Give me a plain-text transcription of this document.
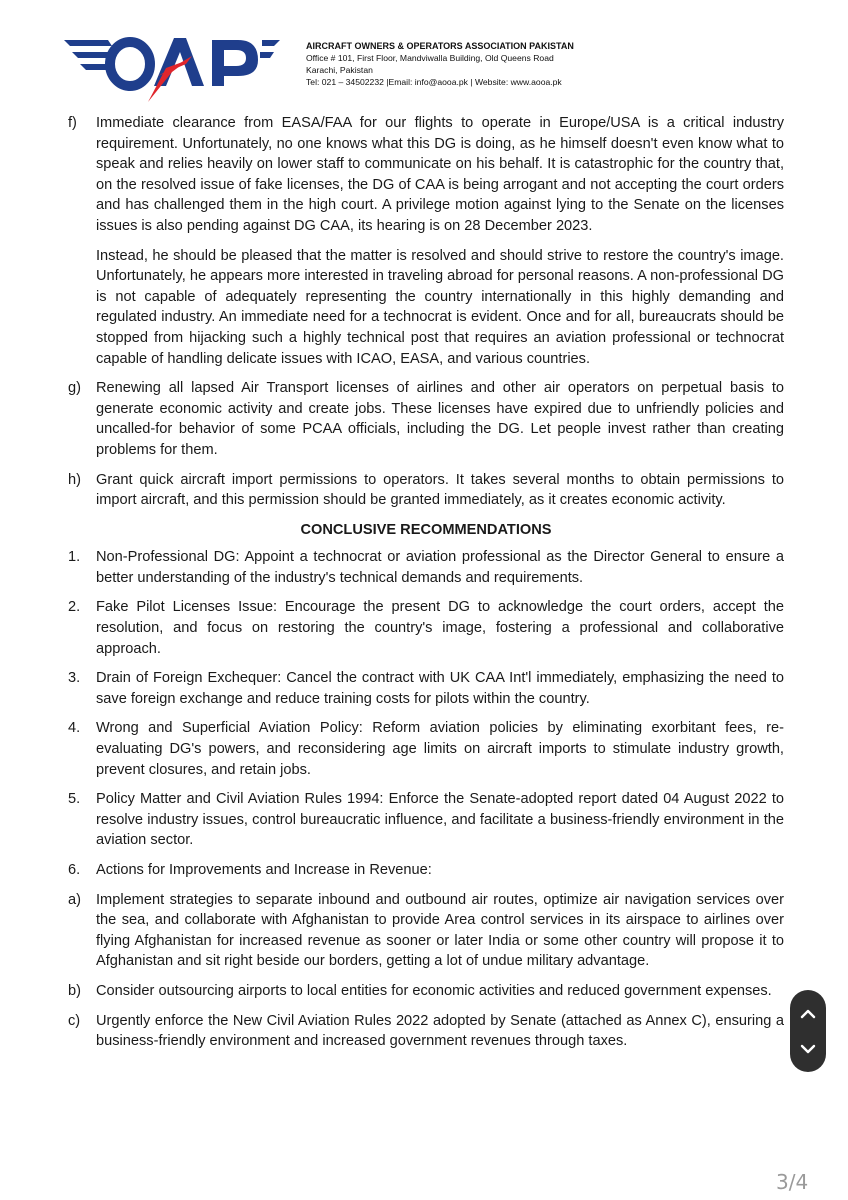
AIRCRAFT OWNERS & OPERATORS ASSOCIATION PAKISTAN
Office # 101, First Floor, Mandviwalla Building, Old Queens Road
Karachi, Pakistan
Tel: 021 – 34502232 |Email: info@aooa.pk | Website: www.aooa.pk
f)	Immediate clearance from EASA/FAA for our flights to operate in Europe/USA is a critical industry requirement. Unfortunately, no one knows what this DG is doing, as he himself doesn't even know what to speak and relies heavily on lower staff to communicate on his behalf. It is catastrophic for the country that, on the resolved issue of fake licenses, the DG of CAA is being arrogant and not accepting the court orders and has challenged them in the high court. A privilege motion against lying to the Senate on the licenses issues is also pending against DG CAA, its hearing is on 28 December 2023.
Instead, he should be pleased that the matter is resolved and should strive to restore the country's image. Unfortunately, he appears more interested in traveling abroad for personal reasons. A non-professional DG is not capable of adequately representing the country internationally in this highly demanding and regulated industry. An immediate need for a technocrat is evident. Once and for all, bureaucrats should be stopped from hijacking such a highly technical post that requires an aviation professional or technocrat capable of handling delicate issues with ICAO, EASA, and various countries.
g)	Renewing all lapsed Air Transport licenses of airlines and other air operators on perpetual basis to generate economic activity and create jobs. These licenses have expired due to unfriendly policies and uncalled-for behavior of some PCAA officials, including the DG. Let people invest rather than creating problems for them.
h)	Grant quick aircraft import permissions to operators. It takes several months to obtain permissions to import aircraft, and this permission should be granted immediately, as it creates economic activity.
CONCLUSIVE RECOMMENDATIONS
1.	Non-Professional DG: Appoint a technocrat or aviation professional as the Director General to ensure a better understanding of the industry's technical demands and requirements.
2.	Fake Pilot Licenses Issue: Encourage the present DG to acknowledge the court orders, accept the resolution, and focus on restoring the country's image, fostering a professional and collaborative approach.
3.	Drain of Foreign Exchequer: Cancel the contract with UK CAA Int'l immediately, emphasizing the need to save foreign exchange and reduce training costs for pilots within the country.
4.	Wrong and Superficial Aviation Policy: Reform aviation policies by eliminating exorbitant fees, re-evaluating DG's powers, and reconsidering age limits on aircraft imports to stimulate industry growth, prevent closures, and retain jobs.
5.	Policy Matter and Civil Aviation Rules 1994: Enforce the Senate-adopted report dated 04 August 2022 to resolve industry issues, control bureaucratic influence, and facilitate a business-friendly environment in the aviation sector.
6.	Actions for Improvements and Increase in Revenue:
a)	Implement strategies to separate inbound and outbound air routes, optimize air navigation services over the sea, and collaborate with Afghanistan to provide Area control services in its airspace to airlines over flying Afghanistan for increased revenue as sooner or later India or some other country will propose it to Afghanistan and sit right beside our borders, getting a lot of undue military advantage.
b)	Consider outsourcing airports to local entities for economic activities and reduced government expenses.
c)	Urgently enforce the New Civil Aviation Rules 2022 adopted by Senate (attached as Annex C), ensuring a business-friendly environment and increased government revenues through taxes.
3/4
